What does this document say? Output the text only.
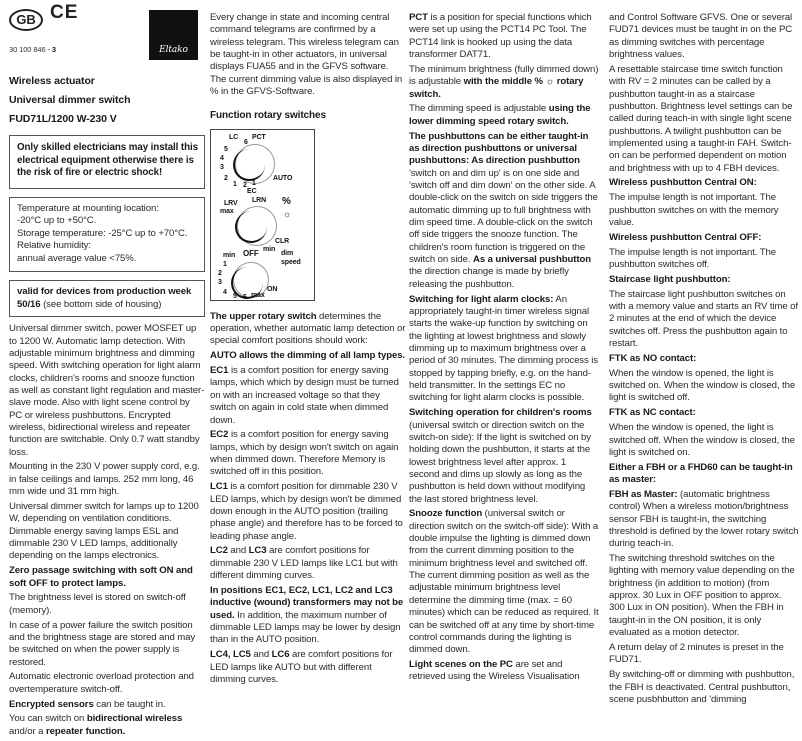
GB CE
30 100 846 - 3	Eltako
Wireless actuator
Universal dimmer switch
FUD71L/1200 W-230 V
Only skilled electricians may install this electrical equipment otherwise there is the risk of fire or electric shock!
Temperature at mounting location:
-20°C up to +50°C.
Storage temperature: -25°C up to +70°C.
Relative humidity:
annual average value <75%.
valid for devices from production week 50/16 (see bottom side of housing)

Universal dimmer switch, power MOSFET up to 1200 W. Automatic lamp detection. With adjustable minimum brightness and dimming speed. With switching operation for light alarm clocks, children's rooms and snooze function as well as constant light regulation and master-slave mode. Also with light scene control by PC or wireless pushbuttons. Encrypted wireless, bidirectional wireless and repeater function are switchable. Only 0.7 watt standby loss.

Mounting in the 230 V power supply cord, e.g. in false ceilings and lamps. 252 mm long, 46 mm wide und 31 mm high.

Universal dimmer switch for lamps up to 1200 W, depending on ventilation conditions. Dimmable energy saving lamps ESL and dimmable 230 V LED lamps, additionally depending on the lamps electronics.

Zero passage switching with soft ON and soft OFF to protect lamps.

The brightness level is stored on switch-off (memory).

In case of a power failure the switch position and the brightness stage are stored and may be switched on when the power supply is restored.

Automatic electronic overload protection and overtemperature switch-off.

Encrypted sensors can be taught in.

You can switch on bidirectional wireless and/or a repeater function.

Every change in state and incoming central command telegrams are confirmed by a wireless telegram. This wireless telegram can be taught-in in other actuators, in universal displays FUA55 and in the GFVS software. The current dimming value is also displayed in % in the GFVS-Software.

Function rotary switches
LC
6
5
4
3
2
1 2 1
PCT
AUTO
EC
LRV
max
LRN %
☼
CLR
min
min OFF	dim
speed
1
2
3
4
5 6 max
ON

The upper rotary switch determines the operation, whether automatic lamp detection or special comfort positions should work:

AUTO allows the dimming of all lamp types.

EC1 is a comfort position for energy saving lamps, which which by design must be turned on with an increased voltage so that they switch on again in cold state when dimmed down.

EC2 is a comfort position for energy saving lamps, which by design won't switch on again when dimmed down. Therefore Memory is switched off in this position.

LC1 is a comfort position for dimmable 230 V LED lamps, which by design won't be dimmed down enough in the AUTO position (trailing phase angle) and therefore has to be forced to leading phase angle.

LC2 and LC3 are comfort positions for dimmable 230 V LED lamps like LC1 but with different dimming curves.

In positions EC1, EC2, LC1, LC2 and LC3 inductive (wound) transformers may not be used. In addition, the maximum number of dimmable LED lamps may be lower by design than in the AUTO position.

LC4, LC5 and LC6 are comfort positions for LED lamps like AUTO but with different dimming curves.

PCT is a position for special functions which were set up using the PCT14 PC Tool. The PCT14 link is hooked up using the data transformer DAT71.

The minimum brightness (fully dimmed down) is adjustable with the middle % ☼ rotary switch.

The dimming speed is adjustable using the lower dimming speed rotary switch.

The pushbuttons can be either taught-in as direction pushbuttons or universal pushbuttons: As direction pushbutton 'switch on and dim up' is on one side and 'switch off and dim down' on the other side. A double-click on the switch on side triggers the automatic dimming up to full brightness with dim speed time. A double-click on the switch off side triggers the snooze function. The children's room function is triggered on the switch on side. As a universal pushbutton the direction change is made by briefly releasing the pushbutton.

Switching for light alarm clocks: An appropriately taught-in timer wireless signal starts the wake-up function by switching on the lighting at lowest brightness and slowly dimming up to maximum brightness over a period of 30 minutes. The dimming process is stopped by tapping briefly, e.g. on the hand-held transmitter. In the settings EC no switching for light alarm clocks is possible.

Switching operation for children's rooms (universal switch or direction switch on the switch-on side): If the light is switched on by holding down the pushbutton, it starts at the lowest brightness level after approx. 1 second and dims up slowly as long as the pushbutton is held down without modifying the last stored brightness level.

Snooze function (universal switch or direction switch on the switch-off side): With a double impulse the lighting is dimmed down from the current dimming position to the minimum brightness level and switched off. The current dimming position as well as the adjustable minimum brightness level determine the dimming time (max. = 60 minutes) which can be reduced as required. It can be switched off at any time by short-time control commands during the lighting is dimmed down.

Light scenes on the PC are set and retrieved using the Wireless Visualisation

and Control Software GFVS. One or several FUD71 devices must be taught in on the PC as dimming switches with percentage brightness values.

A resettable staircase time switch function with RV = 2 minutes can be called by a pushbutton taught-in as a staircase pushbutton. Brightness level settings can be called during teach-in with single light scene pushbuttons. A twilight pushbutton can be implemented using a taught-in FAH. Switch-on can be performed dependent on motion and brightness with up to 4 FBH devices.

Wireless pushbutton Central ON:

The impulse length is not important. The pushbutton switches on with the memory value.

Wireless pushbutton Central OFF:

The impulse length is not important. The pushbutton switches off.

Staircase light pushbutton:

The staircase light pushbutton switches on with a memory value and starts an RV time of 2 minutes at the end of which the device switches off. Press the pushbutton again to restart.

FTK as NO contact:

When the window is opened, the light is switched on. When the window is closed, the light is switched off.

FTK as NC contact:

When the window is opened, the light is switched off. When the window is closed, the light is switched on.

Either a FBH or a FHD60 can be taught-in as master:

FBH as Master: (automatic brightness control) When a wireless motion/brightness sensor FBH is taught-in, the switching threshold is defined by the lower rotary switch during teach-in.

The switching threshold switches on the lighting with memory value depending on the brightness (in addition to motion) (from approx. 30 Lux in OFF position to approx. 300 Lux in ON position). When the FBH in taught-in in the ON position, it is only evaluated as a motion detector.

A return delay of 2 minutes is preset in the FUD71.

By switching-off or dimming with pushbutton, the FBH is deactivated. Central pushbutton, scene pusbhbutton and 'dimming
